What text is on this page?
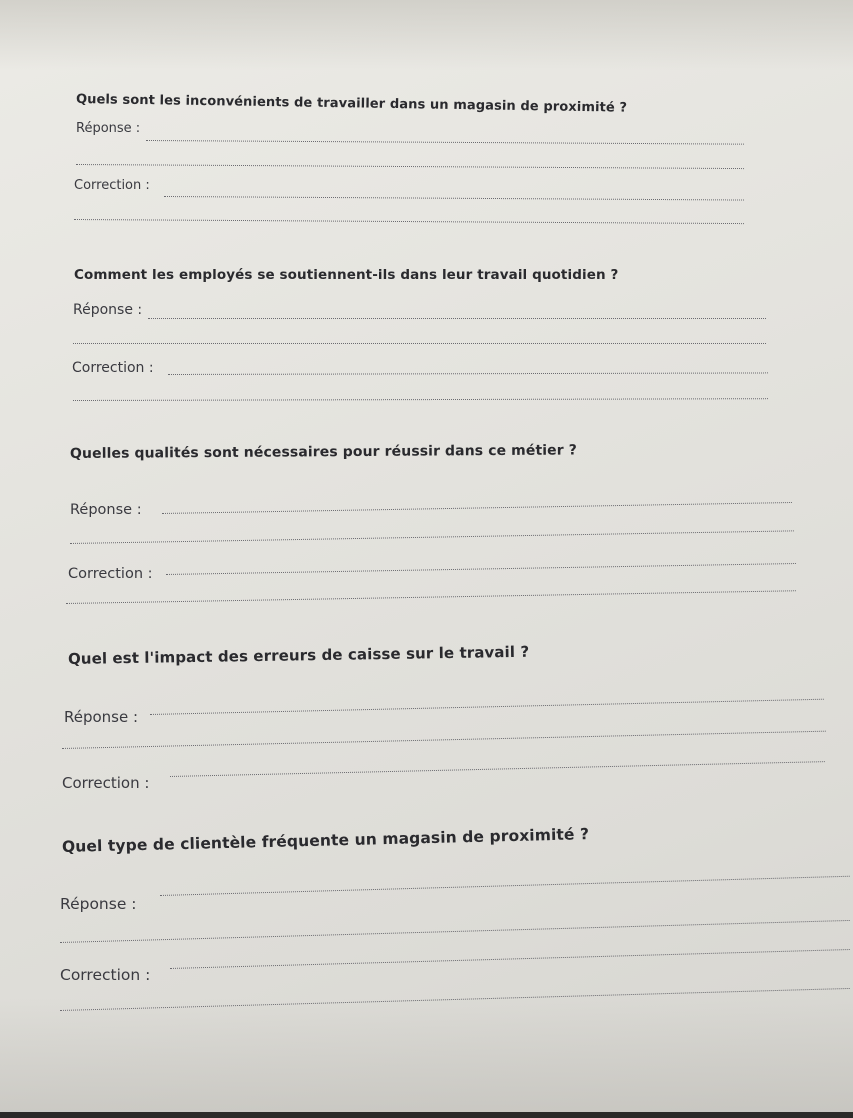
Quels sont les inconvénients de travailler dans un magasin de proximité ?
Réponse :
Correction :
Comment les employés se soutiennent-ils dans leur travail quotidien ?
Réponse :
Correction :
Quelles qualités sont nécessaires pour réussir dans ce métier ?
Réponse :
Correction :
Quel est l'impact des erreurs de caisse sur le travail ?
Réponse :
Correction :
Quel type de clientèle fréquente un magasin de proximité ?
Réponse :
Correction :
